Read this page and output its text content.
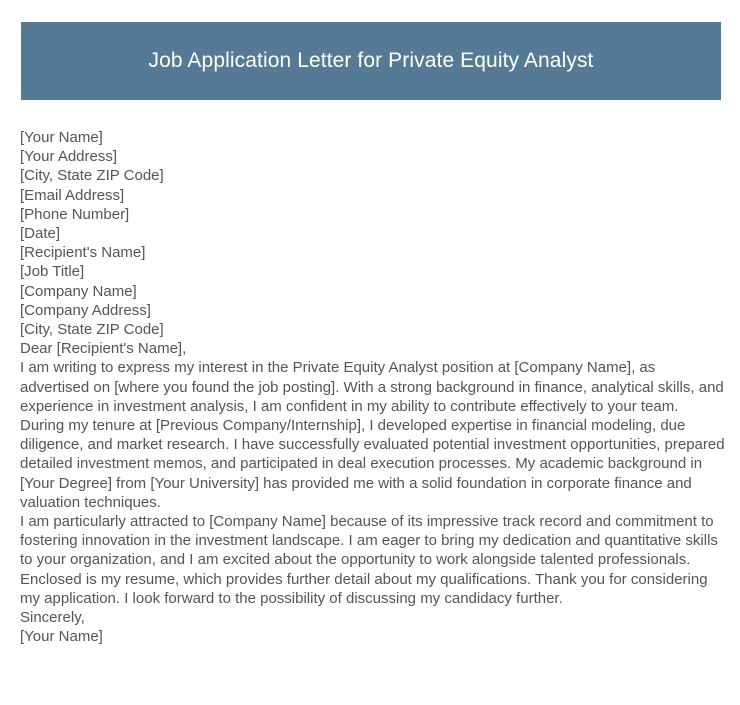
Job Application Letter for Private Equity Analyst
[Your Name]
[Your Address]
[City, State ZIP Code]
[Email Address]
[Phone Number]
[Date]
[Recipient's Name]
[Job Title]
[Company Name]
[Company Address]
[City, State ZIP Code]
Dear [Recipient's Name],

I am writing to express my interest in the Private Equity Analyst position at [Company Name], as advertised on [where you found the job posting]. With a strong background in finance, analytical skills, and experience in investment analysis, I am confident in my ability to contribute effectively to your team.

During my tenure at [Previous Company/Internship], I developed expertise in financial modeling, due diligence, and market research. I have successfully evaluated potential investment opportunities, prepared detailed investment memos, and participated in deal execution processes. My academic background in [Your Degree] from [Your University] has provided me with a solid foundation in corporate finance and valuation techniques.

I am particularly attracted to [Company Name] because of its impressive track record and commitment to fostering innovation in the investment landscape. I am eager to bring my dedication and quantitative skills to your organization, and I am excited about the opportunity to work alongside talented professionals.

Enclosed is my resume, which provides further detail about my qualifications. Thank you for considering my application. I look forward to the possibility of discussing my candidacy further.

Sincerely,
[Your Name]
